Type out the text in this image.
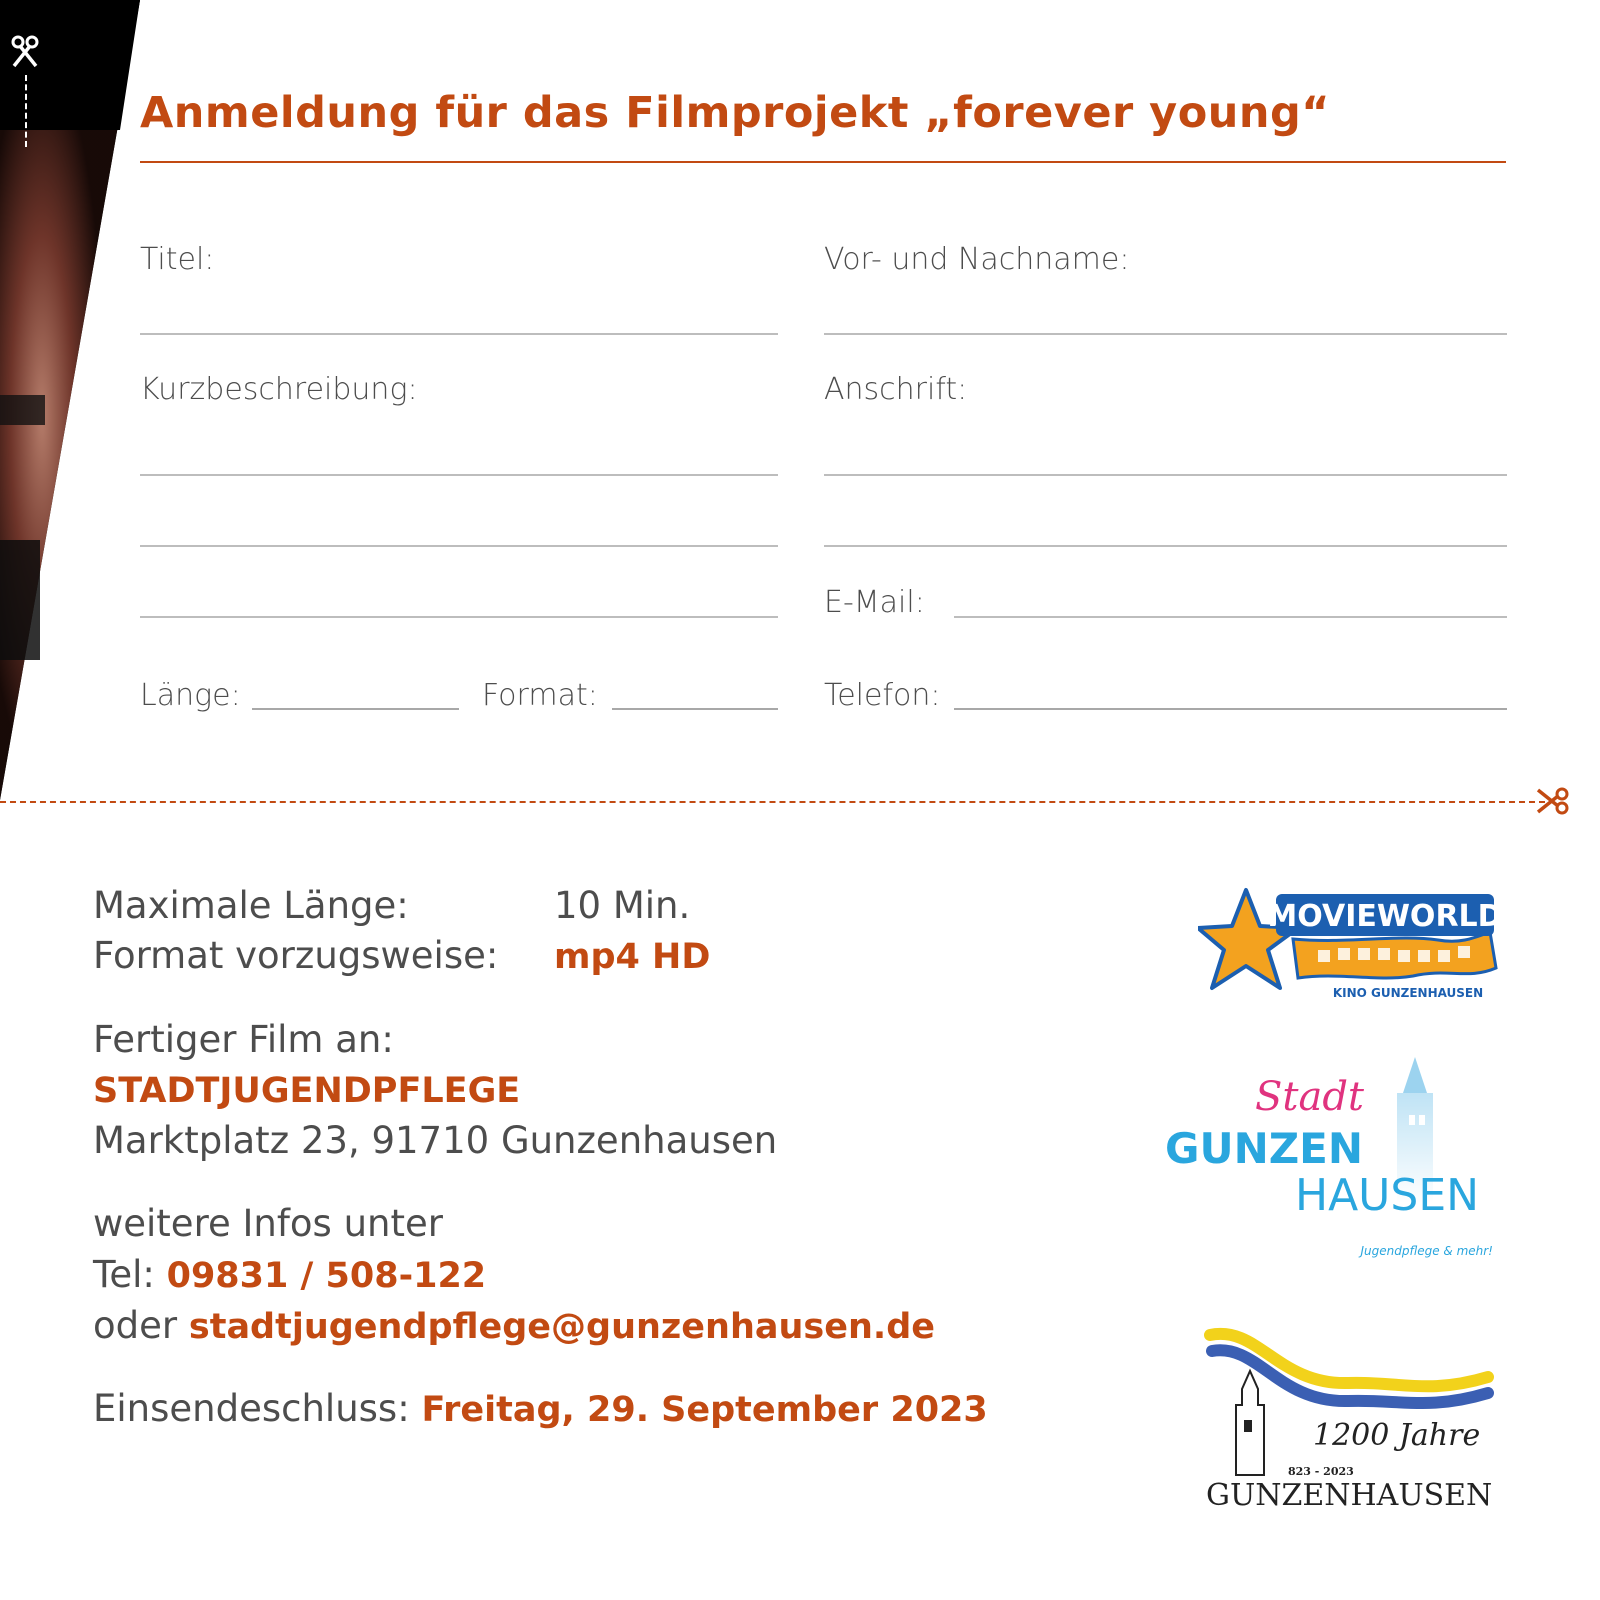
Anmeldung für das Filmprojekt „forever young“
Titel:
Kurzbeschreibung:
Länge:	Format:
Vor- und Nachname:
Anschrift:
E-Mail:
Telefon:
Maximale Länge:	10 Min.
Format vorzugsweise: mp4 HD
Fertiger Film an:
STADTJUGENDPFLEGE
Marktplatz 23, 91710 Gunzenhausen
weitere Infos unter
Tel: 09831 / 508-122
oder stadtjugendpflege@gunzenhausen.de
Einsendeschluss: Freitag, 29. September 2023
MOVIEWORLD
KINO GUNZENHAUSEN
Stadt
GUNZEN
HAUSEN
Jugendpflege & mehr!
1200 Jahre
823 - 2023
GUNZENHAUSEN
